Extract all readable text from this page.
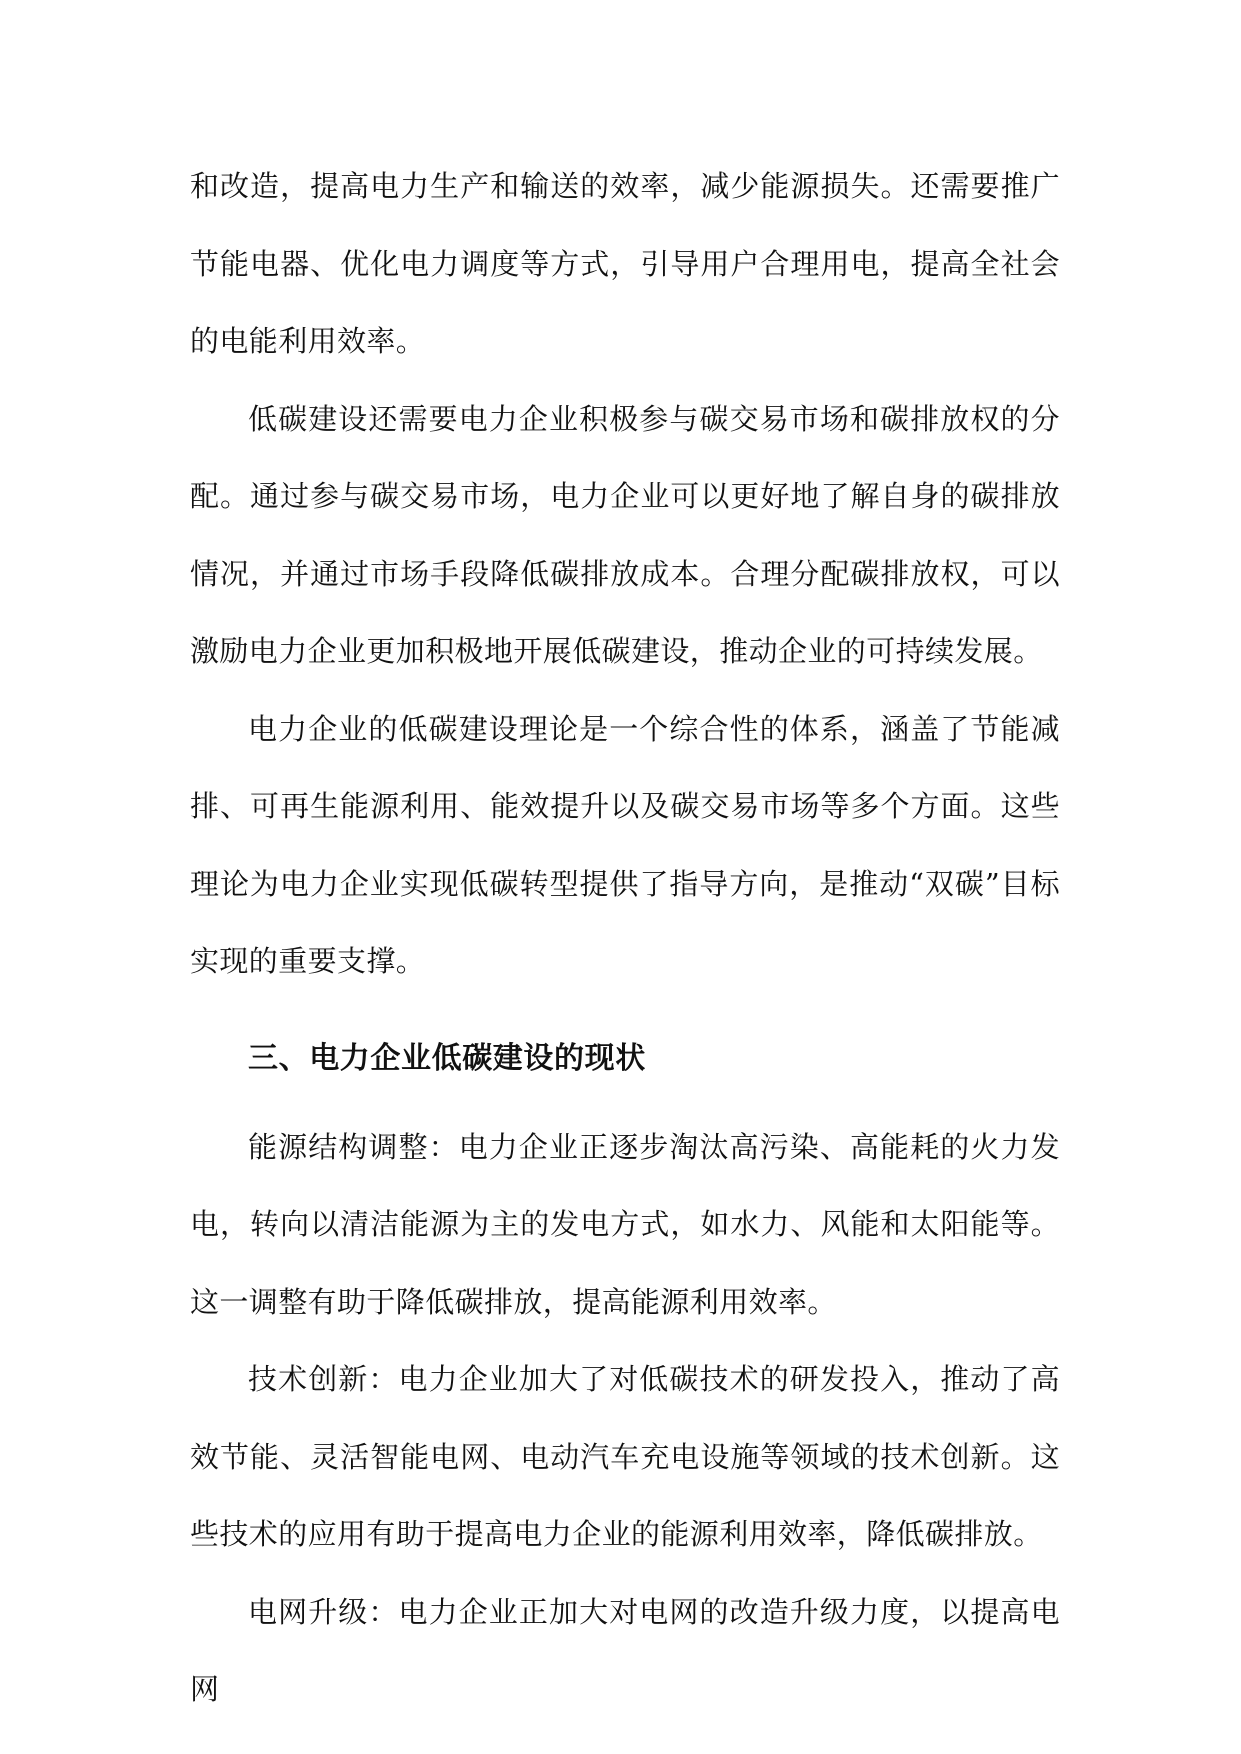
和改造，提高电力生产和输送的效率，减少能源损失。还需要推广节能电器、优化电力调度等方式，引导用户合理用电，提高全社会的电能利用效率。

低碳建设还需要电力企业积极参与碳交易市场和碳排放权的分配。通过参与碳交易市场，电力企业可以更好地了解自身的碳排放情况，并通过市场手段降低碳排放成本。合理分配碳排放权，可以激励电力企业更加积极地开展低碳建设，推动企业的可持续发展。

电力企业的低碳建设理论是一个综合性的体系，涵盖了节能减排、可再生能源利用、能效提升以及碳交易市场等多个方面。这些理论为电力企业实现低碳转型提供了指导方向，是推动“双碳”目标实现的重要支撑。

三、电力企业低碳建设的现状

能源结构调整：电力企业正逐步淘汰高污染、高能耗的火力发电，转向以清洁能源为主的发电方式，如水力、风能和太阳能等。这一调整有助于降低碳排放，提高能源利用效率。

技术创新：电力企业加大了对低碳技术的研发投入，推动了高效节能、灵活智能电网、电动汽车充电设施等领域的技术创新。这些技术的应用有助于提高电力企业的能源利用效率，降低碳排放。

电网升级：电力企业正加大对电网的改造升级力度，以提高电网
